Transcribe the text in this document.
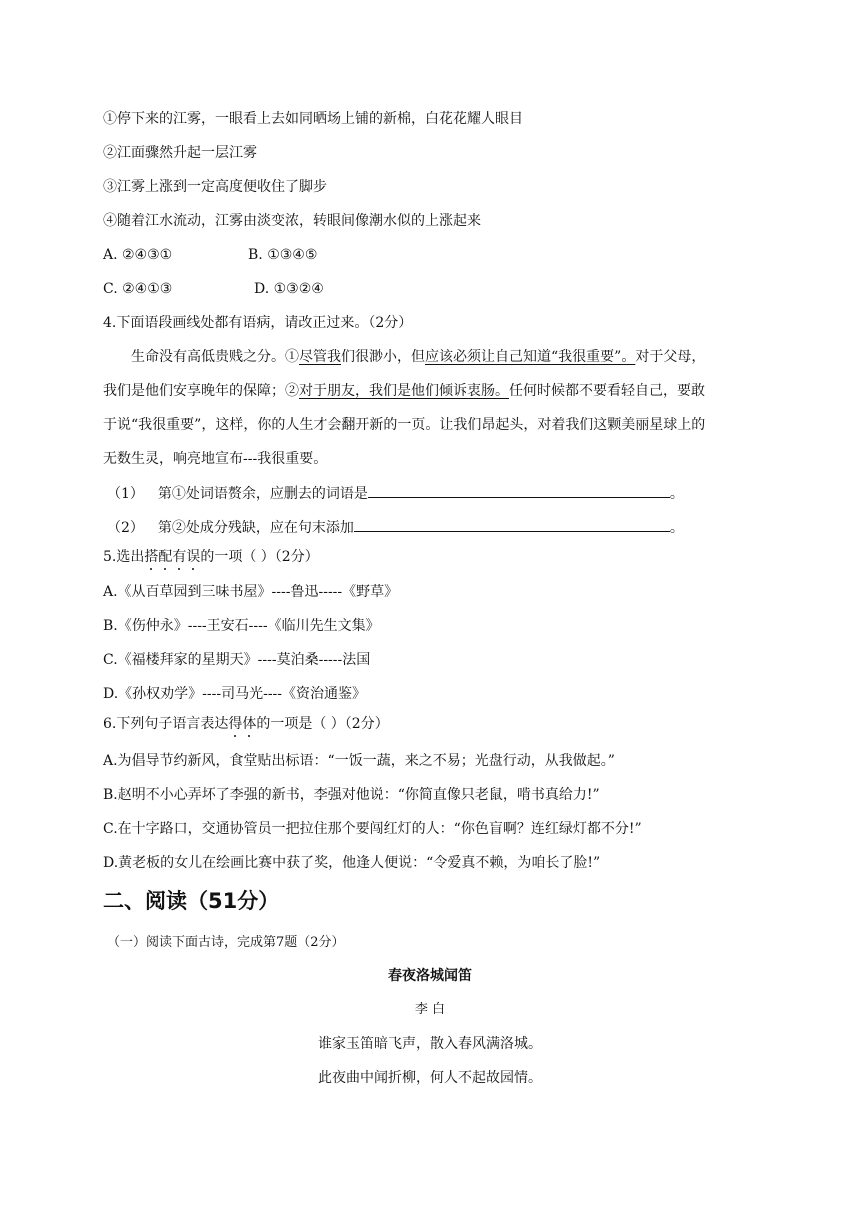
①停下来的江雾，一眼看上去如同晒场上铺的新棉，白花花耀人眼目
②江面骤然升起一层江雾
③江雾上涨到一定高度便收住了脚步
④随着江水流动，江雾由淡变浓，转眼间像潮水似的上涨起来
A. ②④③①	B. ①③④⑤
C. ②④①③	D. ①③②④
4.下面语段画线处都有语病，请改正过来。（2分）
生命没有高低贵贱之分。①尽管我们很渺小，但应该必须让自己知道“我很重要”。对于父母，
我们是他们安享晚年的保障；②对于朋友，我们是他们倾诉衷肠。任何时候都不要看轻自己，要敢
于说“我很重要”，这样，你的人生才会翻开新的一页。让我们昂起头，对着我们这颗美丽星球上的
无数生灵，响亮地宣布---我很重要。
（1） 第①处词语赘余，应删去的词语是	。
（2） 第②处成分残缺，应在句末添加	。
5.选出搭配有误的一项（ ）（2分）
A.《从百草园到三味书屋》----鲁迅-----《野草》
B.《伤仲永》----王安石----《临川先生文集》
C.《福楼拜家的星期天》----莫泊桑-----法国
D.《孙权劝学》----司马光----《资治通鉴》
6.下列句子语言表达得体的一项是（ ）（2分）
A.为倡导节约新风，食堂贴出标语：“一饭一蔬，来之不易；光盘行动，从我做起。”
B.赵明不小心弄坏了李强的新书，李强对他说：“你简直像只老鼠，啃书真给力!”
C.在十字路口，交通协管员一把拉住那个要闯红灯的人：“你色盲啊？连红绿灯都不分!”
D.黄老板的女儿在绘画比赛中获了奖，他逢人便说：“令爱真不赖，为咱长了脸!”
二、阅读（51分）
（一）阅读下面古诗，完成第7题（2分）
春夜洛城闻笛
李 白
谁家玉笛暗飞声，散入春风满洛城。
此夜曲中闻折柳，何人不起故园情。
